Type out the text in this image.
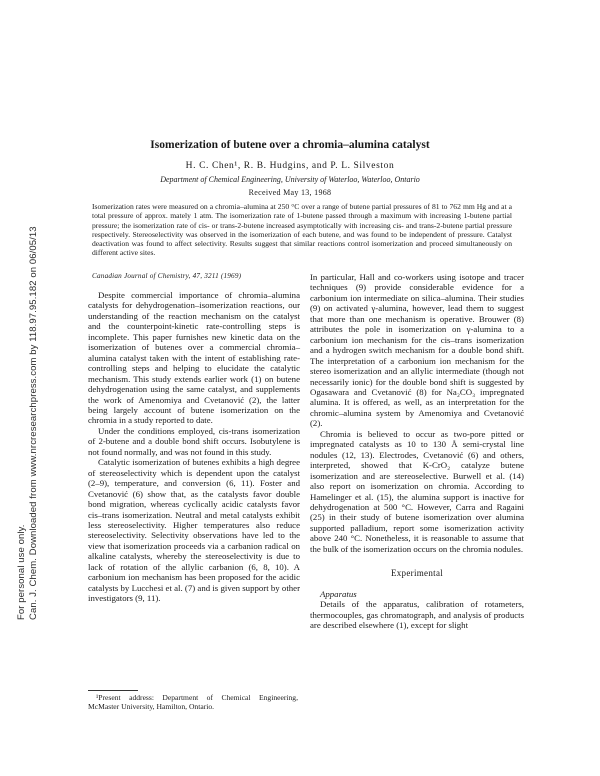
Can. J. Chem. Downloaded from www.nrcresearchpress.com by 118.97.95.182 on 06/05/13
For personal use only.
Isomerization of butene over a chromia–alumina catalyst
H. C. Chen¹, R. B. Hudgins, and P. L. Silveston
Department of Chemical Engineering, University of Waterloo, Waterloo, Ontario
Received May 13, 1968

Isomerization rates were measured on a chromia–alumina at 250 °C over a range of butene partial pressures of 81 to 762 mm Hg and at a total pressure of approx. mately 1 atm. The isomerization rate of 1-butene passed through a maximum with increasing 1-butene partial pressure; the isomerization rate of cis- or trans-2-butene increased asymptotically with increasing cis- and trans-2-butene partial pressure respectively. Stereoselectivity was observed in the isomerization of each butene, and was found to be independent of pressure. Catalyst deactivation was found to affect selectivity. Results suggest that similar reactions control isomerization and proceed simultaneously on different active sites.

Canadian Journal of Chemistry, 47, 3211 (1969)

Despite commercial importance of chromia–alumina catalysts for dehydrogenation–isomerization reactions, our understanding of the reaction mechanism on the catalyst and the counterpoint-kinetic rate-controlling steps is incomplete. This paper furnishes new kinetic data on the isomerization of butenes over a commercial chromia–alumina catalyst taken with the intent of establishing rate-controlling steps and helping to elucidate the catalytic mechanism. This study extends earlier work (1) on butene dehydrogenation using the same catalyst, and supplements the work of Amenomiya and Cvetanović (2), the latter being largely account of butene isomerization on the chromia in a study reported to date.

Under the conditions employed, cis-trans isomerization of 2-butene and a double bond shift occurs. Isobutylene is not found normally, and was not found in this study.

Catalytic isomerization of butenes exhibits a high degree of stereoselectivity which is dependent upon the catalyst (2–9), temperature, and conversion (6, 11). Foster and Cvetanović (6) show that, as the catalysts favor double bond migration, whereas cyclically acidic catalysts favor cis–trans isomerization. Neutral and metal catalysts exhibit less stereoselectivity. Higher temperatures also reduce stereoselectivity. Selectivity observations have led to the view that isomerization proceeds via a carbanion radical on alkaline catalysts, whereby the stereoselectivity is due to lack of rotation of the allylic carbanion (6, 8, 10). A carbonium ion mechanism has been proposed for the acidic catalysts by Lucchesi et al. (7) and is given support by other investigators (9, 11).

In particular, Hall and co-workers using isotope and tracer techniques (9) provide considerable evidence for a carbonium ion intermediate on silica–alumina. Their studies (9) on activated γ-alumina, however, lead them to suggest that more than one mechanism is operative. Brouwer (8) attributes the pole in isomerization on γ-alumina to a carbonium ion mechanism for the cis–trans isomerization and a hydrogen switch mechanism for a double bond shift. The interpretation of a carbonium ion mechanism for the stereo isomerization and an allylic intermediate (though not necessarily ionic) for the double bond shift is suggested by Ogasawara and Cvetanović (8) for Na₂CO₃ impregnated alumina. It is offered, as well, as an interpretation for the chromic–alumina system by Amenomiya and Cvetanović (2).

Chromia is believed to occur as two-pore pitted or impregnated catalysts as 10 to 130 Å semi-crystal line nodules (12, 13). Electrodes, Cvetanović (6) and others, interpreted, showed that K-CrO₂ catalyze butene isomerization and are stereoselective. Burwell et al. (14) also report on isomerization on chromia. According to Hamelinger et al. (15), the alumina support is inactive for dehydrogenation at 500 °C. However, Carra and Ragaini (25) in their study of butene isomerization over alumina supported palladium, report some isomerization activity above 240 °C. Nonetheless, it is reasonable to assume that the bulk of the isomerization occurs on the chromia nodules.

Experimental

Apparatus

Details of the apparatus, calibration of rotameters, thermocouples, gas chromatograph, and analysis of products are described elsewhere (1), except for slight

¹Present address: Department of Chemical Engineering, McMaster University, Hamilton, Ontario.
